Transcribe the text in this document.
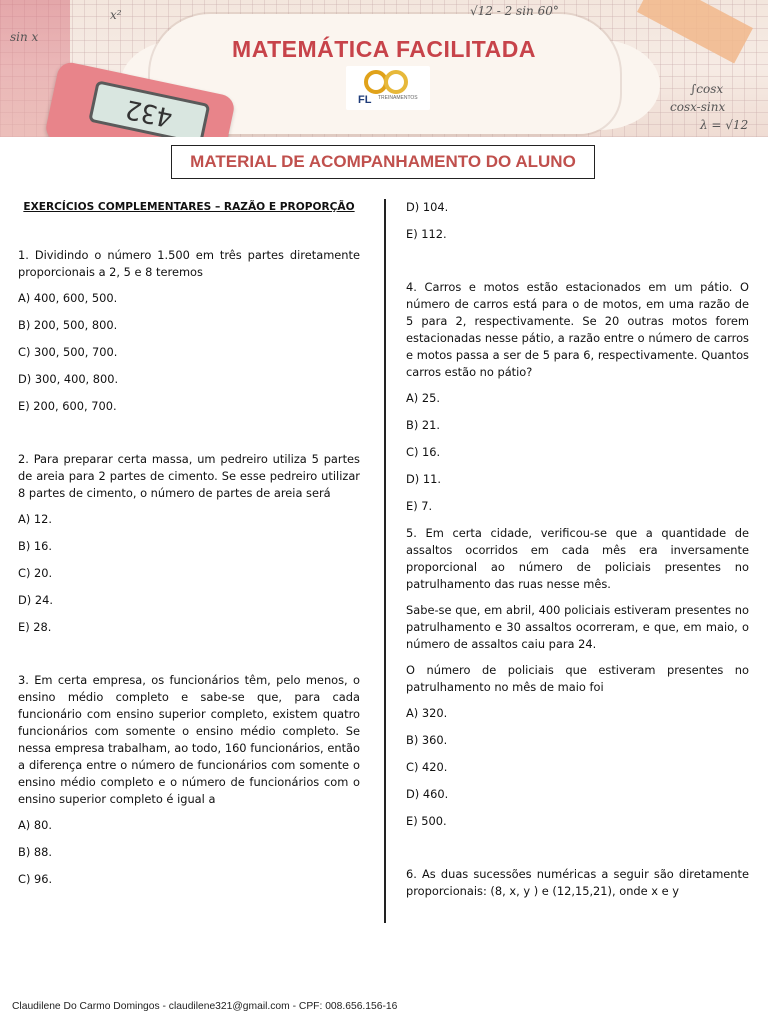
432
√12 - 2 sin 60°
sin x
∫cosx
cosx-sinx
λ = √12
x²
MATEMÁTICA FACILITADA
FL TREINAMENTOS
MATERIAL DE ACOMPANHAMENTO DO ALUNO

EXERCÍCIOS COMPLEMENTARES – RAZÃO E PROPORÇÃO

1. Dividindo o número 1.500 em três partes diretamente proporcionais a 2, 5 e 8 teremos

A) 400, 600, 500.

B) 200, 500, 800.

C) 300, 500, 700.

D) 300, 400, 800.

E) 200, 600, 700.

2. Para preparar certa massa, um pedreiro utiliza 5 partes de areia para 2 partes de cimento. Se esse pedreiro utilizar 8 partes de cimento, o número de partes de areia será

A) 12.

B) 16.

C) 20.

D) 24.

E) 28.

3. Em certa empresa, os funcionários têm, pelo menos, o ensino médio completo e sabe-se que, para cada funcionário com ensino superior completo, existem quatro funcionários com somente o ensino médio completo. Se nessa empresa trabalham, ao todo, 160 funcionários, então a diferença entre o número de funcionários com somente o ensino médio completo e o número de funcionários com o ensino superior completo é igual a

A) 80.

B) 88.

C) 96.

D) 104.

E) 112.

4. Carros e motos estão estacionados em um pátio. O número de carros está para o de motos, em uma razão de 5 para 2, respectivamente. Se 20 outras motos forem estacionadas nesse pátio, a razão entre o número de carros e motos passa a ser de 5 para 6, respectivamente. Quantos carros estão no pátio?

A) 25.

B) 21.

C) 16.

D) 11.

E) 7.

5. Em certa cidade, verificou-se que a quantidade de assaltos ocorridos em cada mês era inversamente proporcional ao número de policiais presentes no patrulhamento das ruas nesse mês.

Sabe-se que, em abril, 400 policiais estiveram presentes no patrulhamento e 30 assaltos ocorreram, e que, em maio, o número de assaltos caiu para 24.

O número de policiais que estiveram presentes no patrulhamento no mês de maio foi

A) 320.

B) 360.

C) 420.

D) 460.

E) 500.

6. As duas sucessões numéricas a seguir são diretamente proporcionais: (8, x, y ) e (12,15,21), onde x e y

Claudilene Do Carmo Domingos - claudilene321@gmail.com - CPF: 008.656.156-16
